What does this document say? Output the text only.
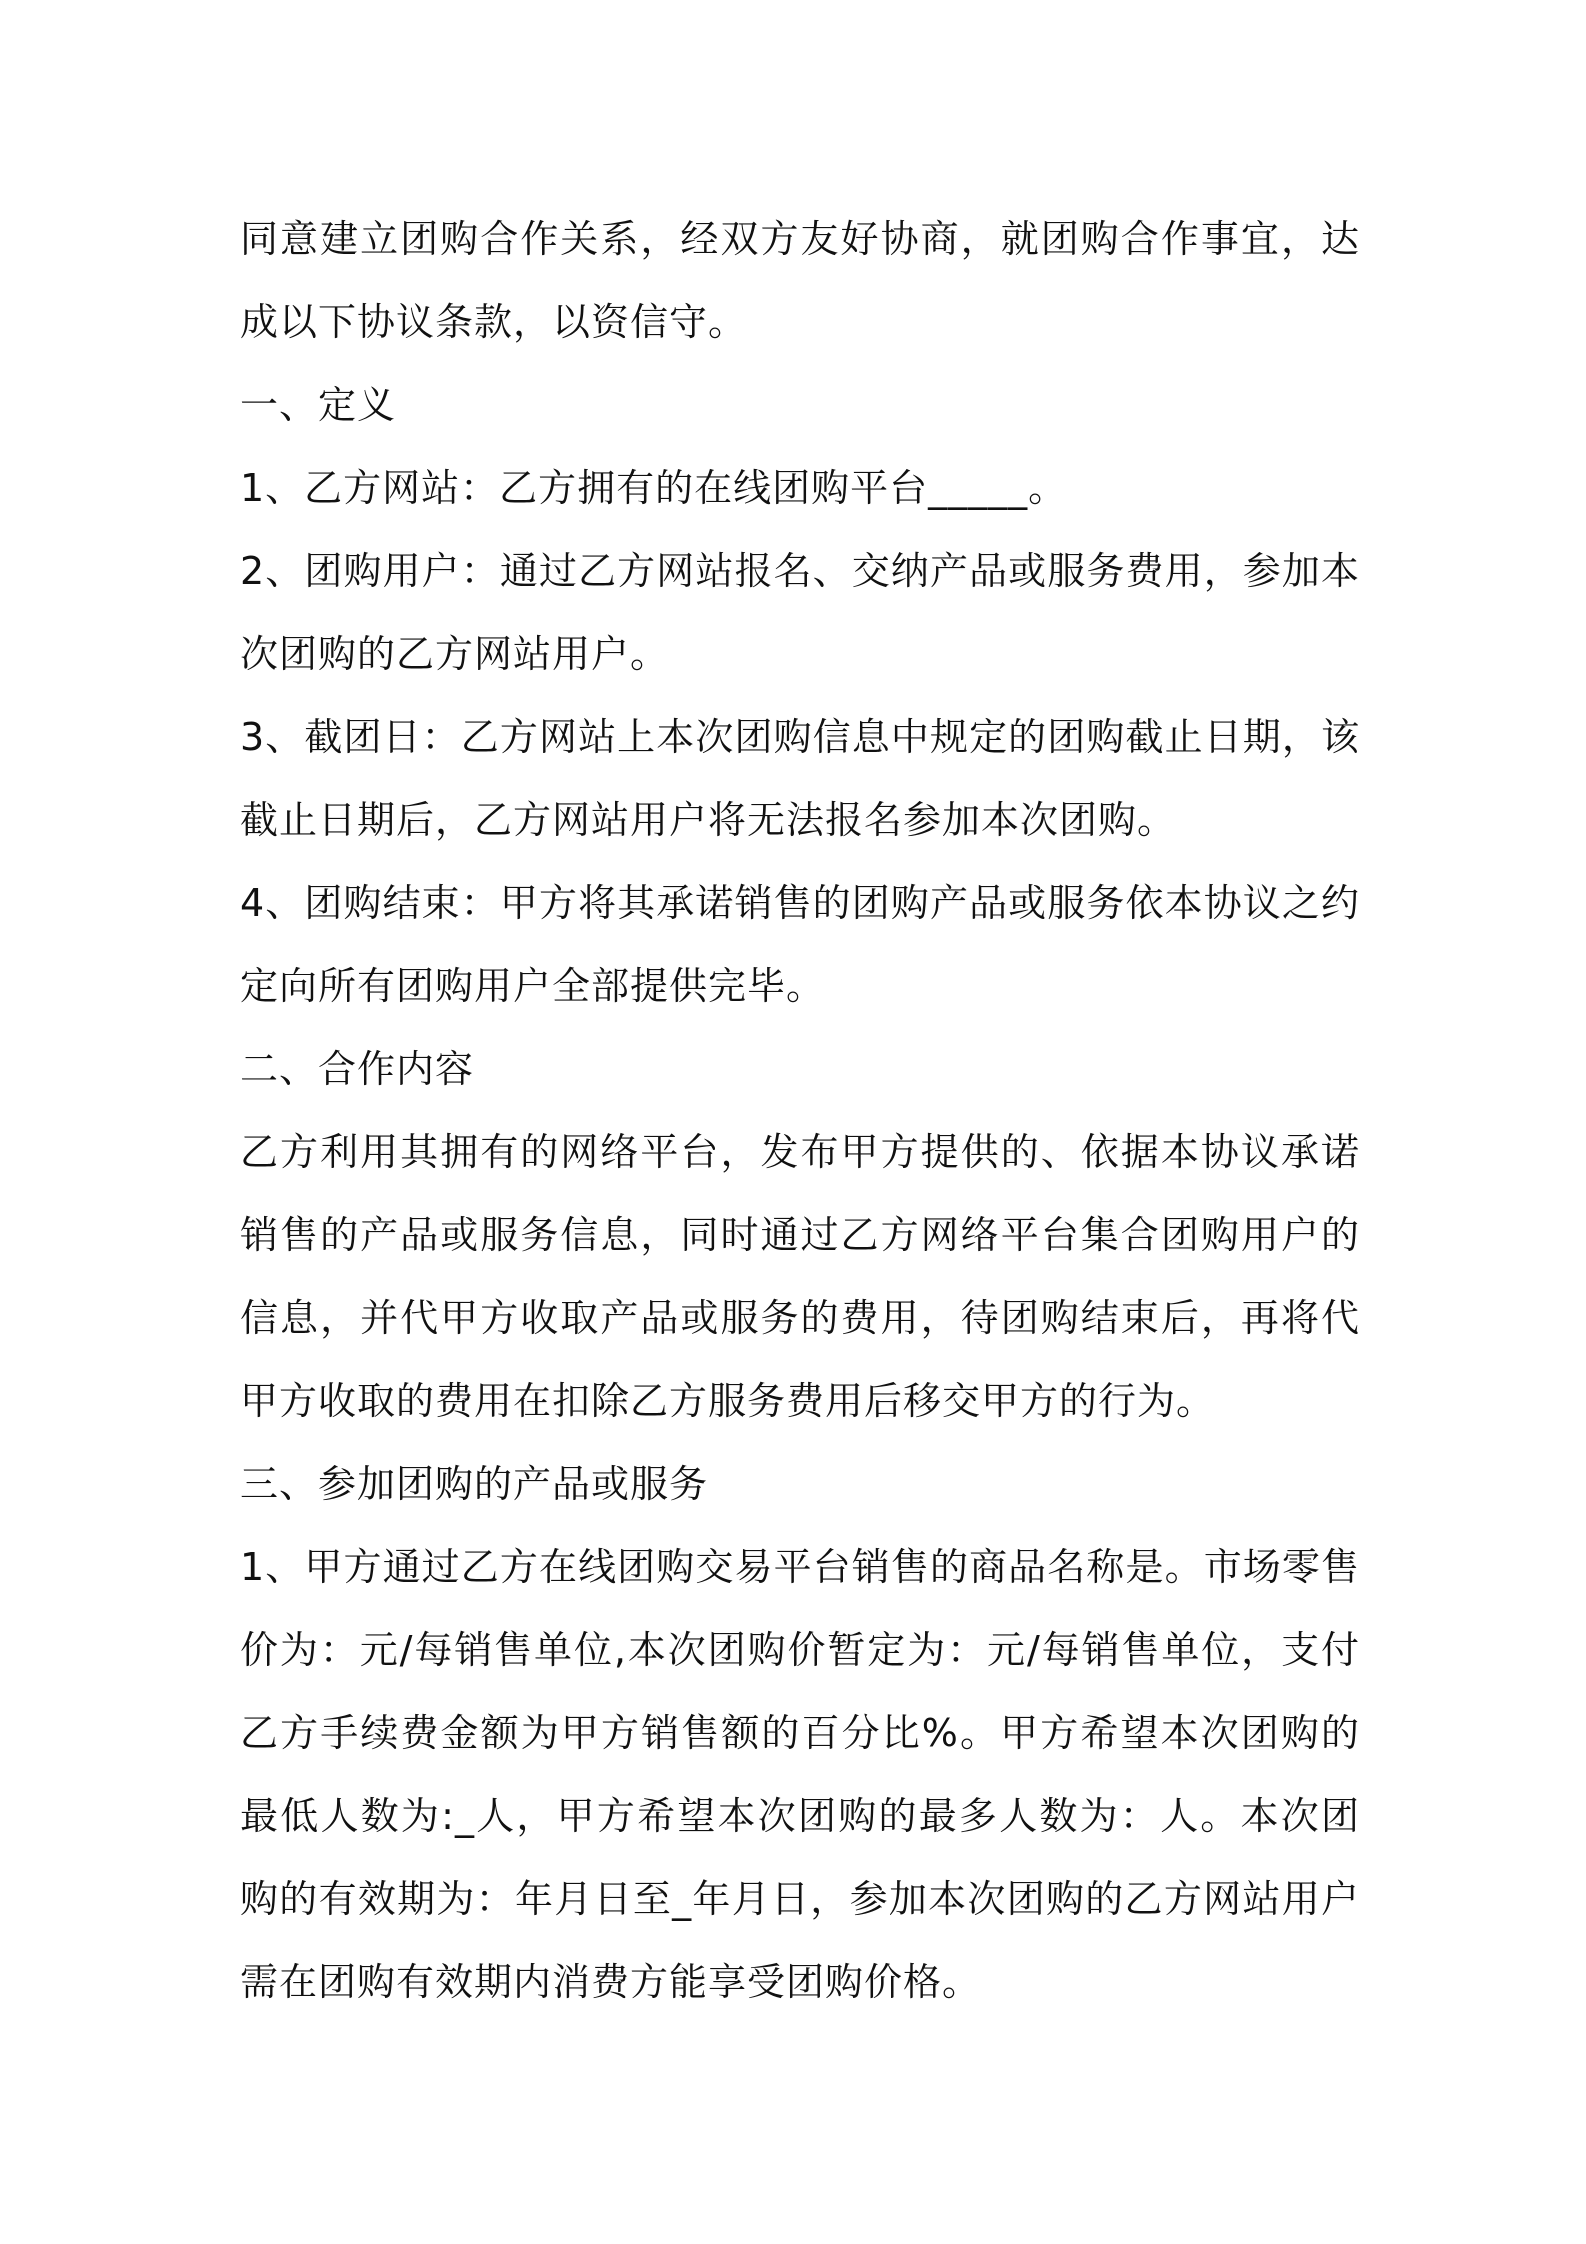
同意建立团购合作关系，经双方友好协商，就团购合作事宜，达成以下协议条款，以资信守。

一、定义

1、乙方网站：乙方拥有的在线团购平台_____。

2、团购用户：通过乙方网站报名、交纳产品或服务费用，参加本次团购的乙方网站用户。

3、截团日：乙方网站上本次团购信息中规定的团购截止日期，该截止日期后，乙方网站用户将无法报名参加本次团购。

4、团购结束：甲方将其承诺销售的团购产品或服务依本协议之约定向所有团购用户全部提供完毕。

二、合作内容

乙方利用其拥有的网络平台，发布甲方提供的、依据本协议承诺销售的产品或服务信息，同时通过乙方网络平台集合团购用户的信息，并代甲方收取产品或服务的费用，待团购结束后，再将代甲方收取的费用在扣除乙方服务费用后移交甲方的行为。

三、参加团购的产品或服务

1、甲方通过乙方在线团购交易平台销售的商品名称是。市场零售价为：元/每销售单位,本次团购价暂定为：元/每销售单位，支付乙方手续费金额为甲方销售额的百分比%。甲方希望本次团购的最低人数为:_人，甲方希望本次团购的最多人数为：人。本次团购的有效期为：年月日至_年月日，参加本次团购的乙方网站用户需在团购有效期内消费方能享受团购价格。
